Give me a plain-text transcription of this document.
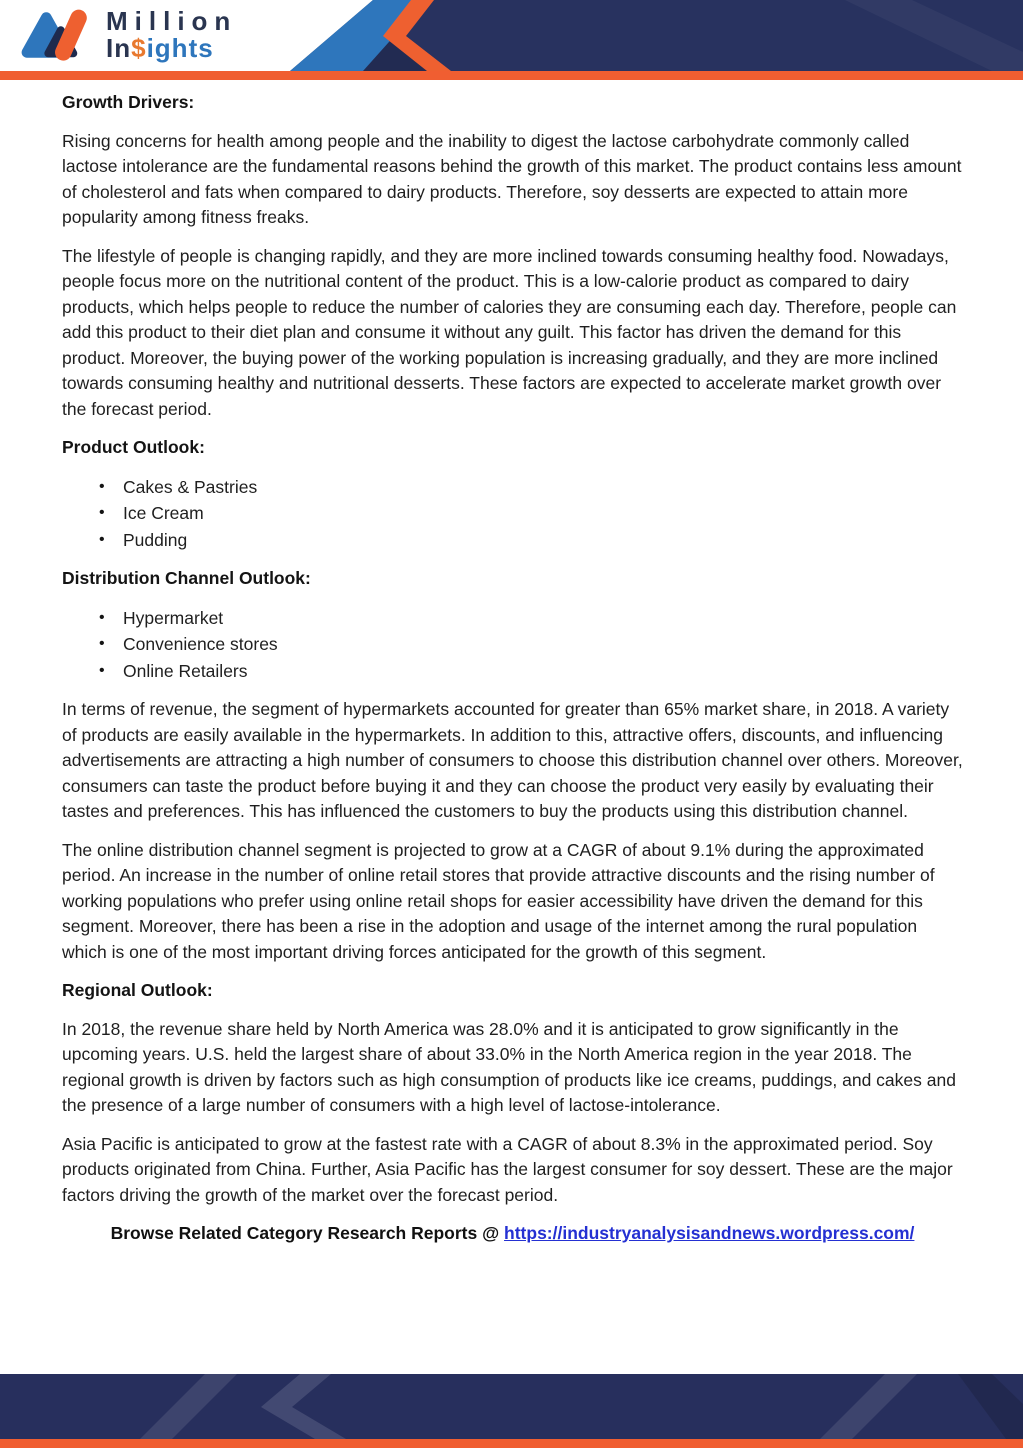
Million
In$ights
Growth Drivers:

Rising concerns for health among people and the inability to digest the lactose carbohydrate commonly called lactose intolerance are the fundamental reasons behind the growth of this market. The product contains less amount of cholesterol and fats when compared to dairy products. Therefore, soy desserts are expected to attain more popularity among fitness freaks.

The lifestyle of people is changing rapidly, and they are more inclined towards consuming healthy food. Nowadays, people focus more on the nutritional content of the product. This is a low-calorie product as compared to dairy products, which helps people to reduce the number of calories they are consuming each day. Therefore, people can add this product to their diet plan and consume it without any guilt. This factor has driven the demand for this product. Moreover, the buying power of the working population is increasing gradually, and they are more inclined towards consuming healthy and nutritional desserts. These factors are expected to accelerate market growth over the forecast period.

Product Outlook:
• Cakes & Pastries
• Ice Cream
• Pudding
Distribution Channel Outlook:
• Hypermarket
• Convenience stores
• Online Retailers

In terms of revenue, the segment of hypermarkets accounted for greater than 65% market share, in 2018. A variety of products are easily available in the hypermarkets. In addition to this, attractive offers, discounts, and influencing advertisements are attracting a high number of consumers to choose this distribution channel over others. Moreover, consumers can taste the product before buying it and they can choose the product very easily by evaluating their tastes and preferences. This has influenced the customers to buy the products using this distribution channel.

The online distribution channel segment is projected to grow at a CAGR of about 9.1% during the approximated period. An increase in the number of online retail stores that provide attractive discounts and the rising number of working populations who prefer using online retail shops for easier accessibility have driven the demand for this segment. Moreover, there has been a rise in the adoption and usage of the internet among the rural population which is one of the most important driving forces anticipated for the growth of this segment.

Regional Outlook:

In 2018, the revenue share held by North America was 28.0% and it is anticipated to grow significantly in the upcoming years. U.S. held the largest share of about 33.0% in the North America region in the year 2018. The regional growth is driven by factors such as high consumption of products like ice creams, puddings, and cakes and the presence of a large number of consumers with a high level of lactose-intolerance.

Asia Pacific is anticipated to grow at the fastest rate with a CAGR of about 8.3% in the approximated period. Soy products originated from China. Further, Asia Pacific has the largest consumer for soy dessert. These are the major factors driving the growth of the market over the forecast period.

Browse Related Category Research Reports @ https://industryanalysisandnews.wordpress.com/
